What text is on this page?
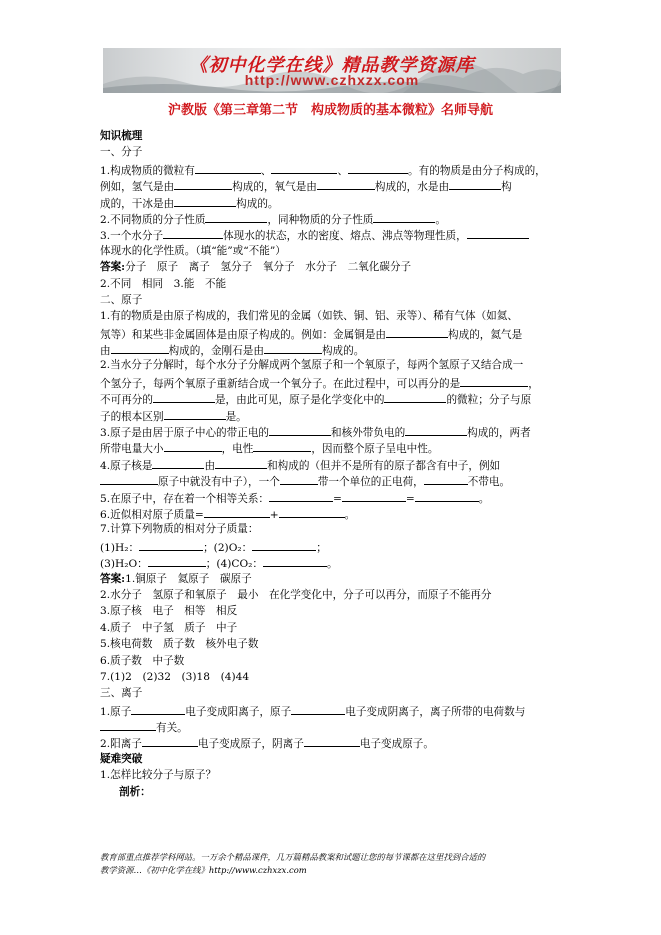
《初中化学在线》精品教学资源库
http://www.czhxzx.com
沪教版《第三章第二节　构成物质的基本微粒》名师导航
知识梳理
一、分子
1.构成物质的微粒有	、	、	。有的物质是由分子构成的，
例如，氢气是由	构成的，氧气是由	构成的，水是由	构
成的，干冰是由	构成的。
2.不同物质的分子性质	，同种物质的分子性质	。
3.一个水分子	体现水的状态，水的密度、熔点、沸点等物理性质，
体现水的化学性质。（填“能”或“不能”）
答案:分子　原子　离子　氢分子　氧分子　水分子　二氧化碳分子
2.不同　相同　3.能　不能
二、原子
1.有的物质是由原子构成的，我们常见的金属（如铁、铜、铝、汞等）、稀有气体（如氦、
氖等）和某些非金属固体是由原子构成的。例如：金属铜是由	构成的，氦气是
由	构成的，金刚石是由	构成的。
2.当水分子分解时，每个水分子分解成两个氢原子和一个氧原子，每两个氢原子又结合成一
个氢分子，每两个氧原子重新结合成一个氧分子。在此过程中，可以再分的是	，
不可再分的	是，由此可见，原子是化学变化中的	的微粒；分子与原
子的根本区别	是。
3.原子是由居于原子中心的带正电的	和核外带负电的	构成的，两者
所带电量大小	，电性	，因而整个原子呈电中性。
4.原子核是	由	和构成的（但并不是所有的原子都含有中子，例如
原子中就没有中子），一个	带一个单位的正电荷，	不带电。
5.在原子中，存在着一个相等关系：	=	=	。
6.近似相对原子质量=	+	。
7.计算下列物质的相对分子质量：
(1)H₂：	；(2)O₂：	；
(3)H₂O：	；(4)CO₂：	。
答案:1.铜原子　氦原子　碳原子
2.水分子　氢原子和氧原子　最小　在化学变化中，分子可以再分，而原子不能再分
3.原子核　电子　相等　相反
4.质子　中子氢　质子　中子
5.核电荷数　质子数　核外电子数
6.质子数　中子数
7.(1)2　(2)32　(3)18　(4)44
三、离子
1.原子	电子变成阳离子，原子	电子变成阴离子，离子所带的电荷数与
有关。
2.阳离子	电子变成原子，阴离子	电子变成原子。
疑难突破
1.怎样比较分子与原子？
剖析：
教育部重点推荐学科网站。一万余个精品课件，几万篇精品教案和试题让您的每节课都在这里找到合适的
教学资源…《初中化学在线》http://www.czhxzx.com
